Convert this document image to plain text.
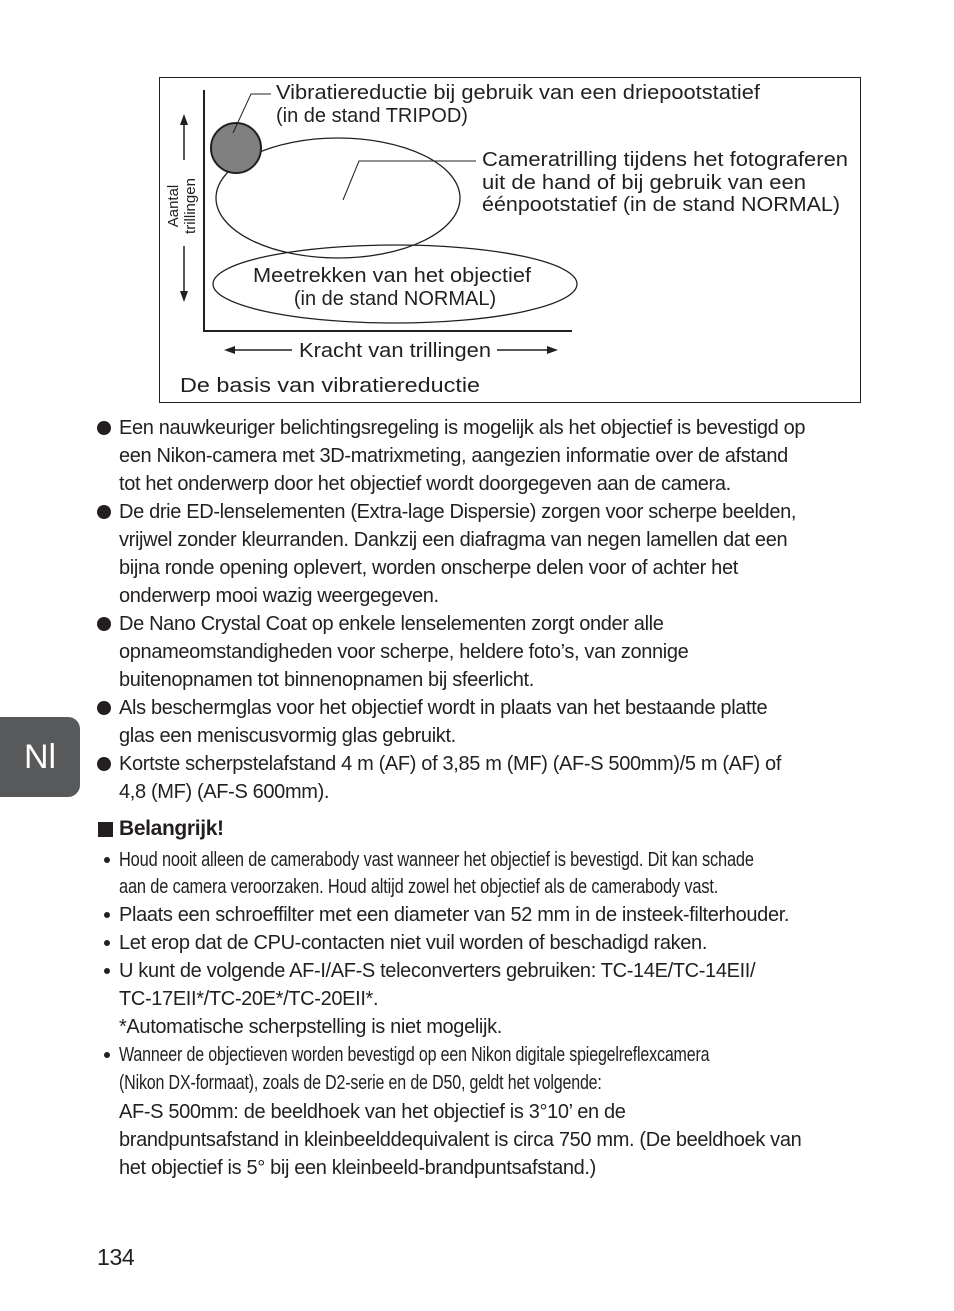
Vibratiereductie bij gebruik van een driepootstatief
(in de stand TRIPOD)
Cameratrilling tijdens het fotograferen
uit de hand of bij gebruik van een
éénpootstatief (in de stand NORMAL)
Meetrekken van het objectief
(in de stand NORMAL)
Aantal trillingen
Kracht van trillingen
De basis van vibratiereductie
Een nauwkeuriger belichtingsregeling is mogelijk als het objectief is bevestigd op
een Nikon-camera met 3D-matrixmeting, aangezien informatie over de afstand
tot het onderwerp door het objectief wordt doorgegeven aan de camera.
De drie ED-lenselementen (Extra-lage Dispersie) zorgen voor scherpe beelden,
vrijwel zonder kleurranden. Dankzij een diafragma van negen lamellen dat een
bijna ronde opening oplevert, worden onscherpe delen voor of achter het
onderwerp mooi wazig weergegeven.
De Nano Crystal Coat op enkele lenselementen zorgt onder alle
opnameomstandigheden voor scherpe, heldere foto’s, van zonnige
buitenopnamen tot binnenopnamen bij sfeerlicht.
Als beschermglas voor het objectief wordt in plaats van het bestaande platte
glas een meniscusvormig glas gebruikt.
Kortste scherpstelafstand 4 m (AF) of 3,85 m (MF) (AF-S 500mm)/5 m (AF) of
4,8 (MF) (AF-S 600mm).
Nl
Belangrijk!
Houd nooit alleen de camerabody vast wanneer het objectief is bevestigd. Dit kan schade
aan de camera veroorzaken. Houd altijd zowel het objectief als de camerabody vast.
Plaats een schroeffilter met een diameter van 52 mm in de insteek-filterhouder.
Let erop dat de CPU-contacten niet vuil worden of beschadigd raken.
U kunt de volgende AF-I/AF-S teleconverters gebruiken: TC-14E/TC-14EII/
TC-17EII*/TC-20E*/TC-20EII*.
*Automatische scherpstelling is niet mogelijk.
Wanneer de objectieven worden bevestigd op een Nikon digitale spiegelreflexcamera
(Nikon DX-formaat), zoals de D2-serie en de D50, geldt het volgende:
AF-S 500mm: de beeldhoek van het objectief is 3°10’ en de
brandpuntsafstand in kleinbeelddequivalent is circa 750 mm. (De beeldhoek van
het objectief is 5° bij een kleinbeeld-brandpuntsafstand.)
134
